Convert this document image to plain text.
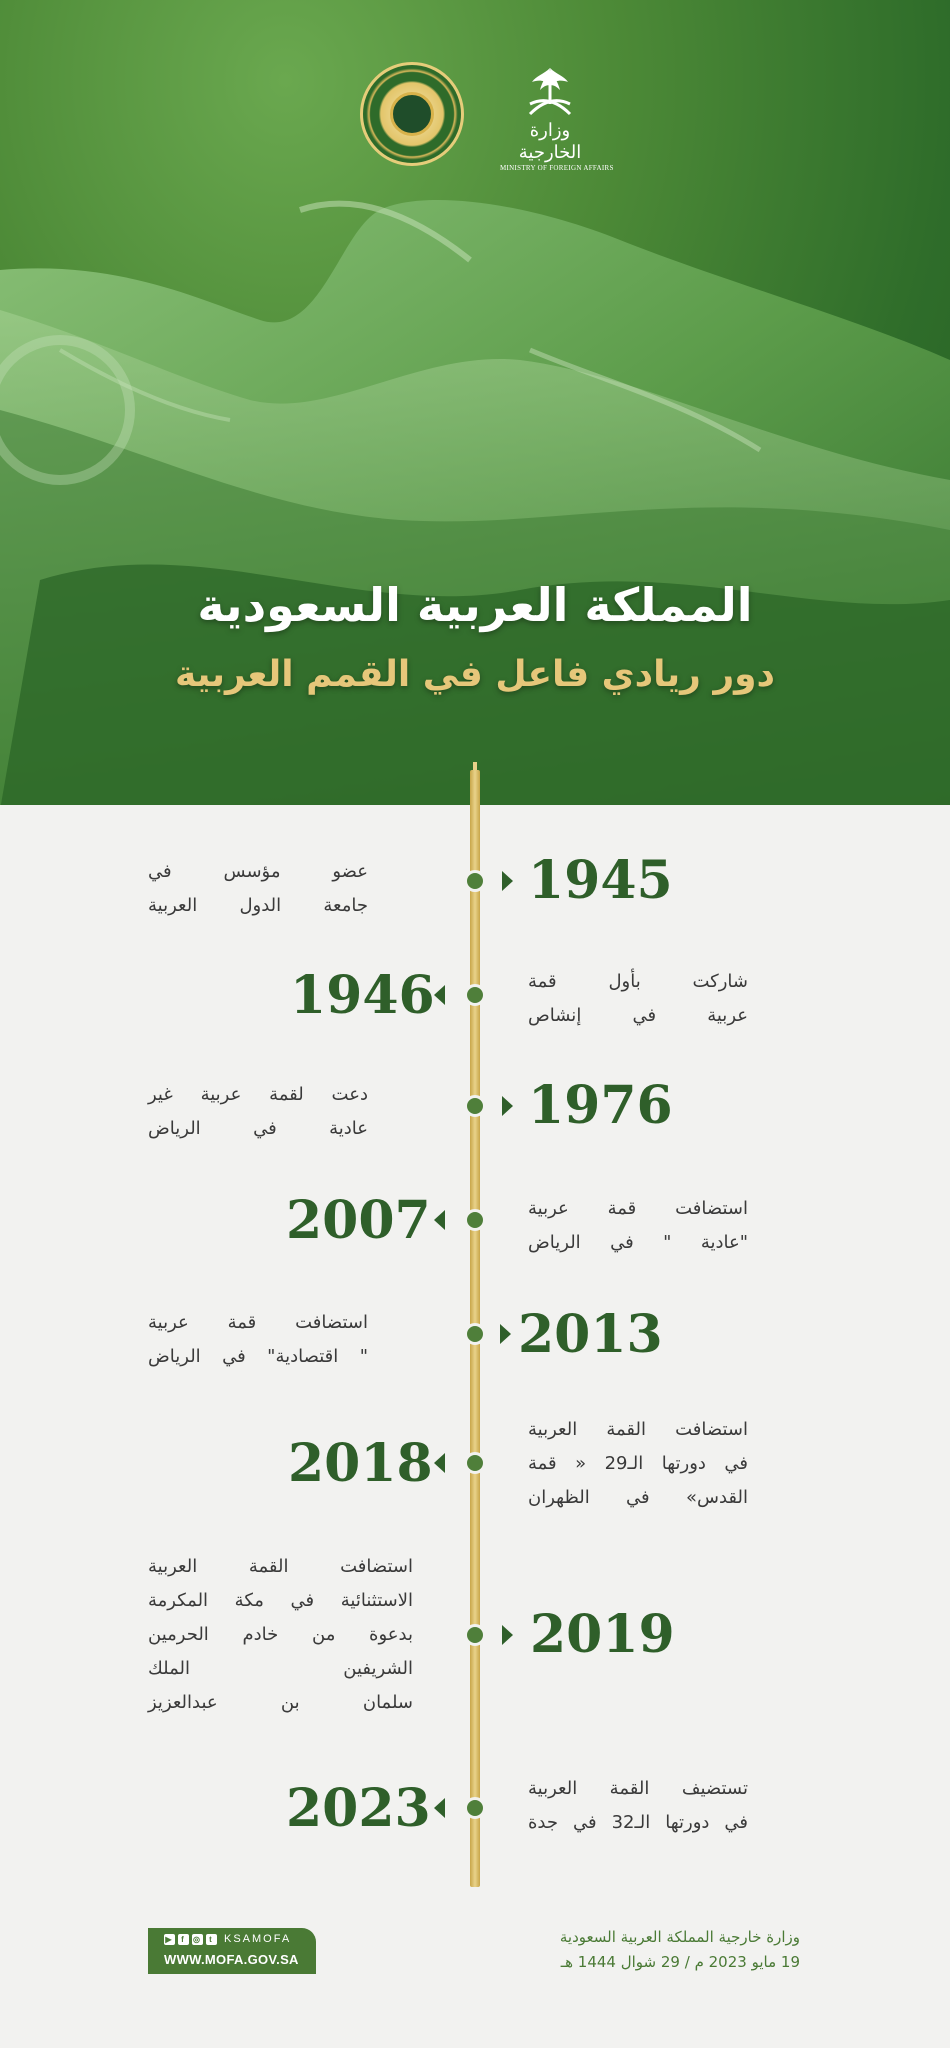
وزارة الخارجية
MINISTRY OF FOREIGN AFFAIRS
المملكة العربية السعودية
دور ريادي فاعل في القمم العربية
1945
عضو مؤسس في
جامعة الدول العربية
1946	شاركت بأول قمة
عربية في إنشاص
1976
دعت لقمة عربية غير
عادية في الرياض
2007	استضافت قمة عربية
"عادية " في الرياض
2013
استضافت قمة عربية
" اقتصادية" في الرياض
2018
استضافت القمة العربية
في دورتها الـ29 « قمة
القدس» في الظهران
2019
استضافت القمة العربية
الاستثنائية في مكة المكرمة
بدعوة من خادم الحرمين
الشريفين الملك
سلمان بن عبدالعزيز
2023	تستضيف القمة العربية
في دورتها الـ32 في جدة
▶ f ◎ t KSAMOFA
WWW.MOFA.GOV.SA
وزارة خارجية المملكة العربية السعودية
19 مايو 2023 م / 29 شوال 1444 هـ
